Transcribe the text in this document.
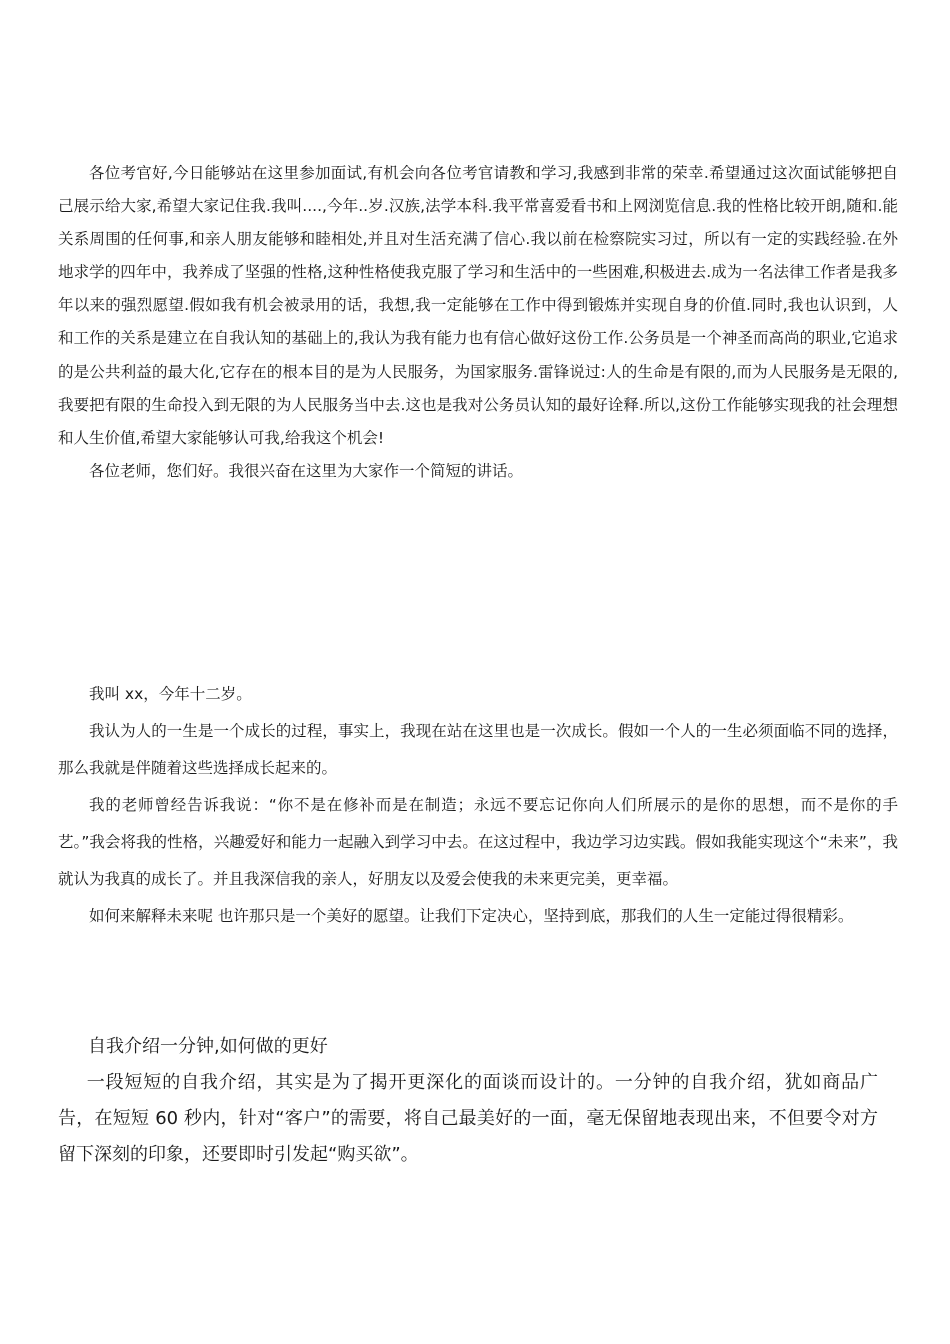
各位考官好,今日能够站在这里参加面试,有机会向各位考官请教和学习,我感到非常的荣幸.希望通过这次面试能够把自己展示给大家,希望大家记住我.我叫....,今年..岁.汉族,法学本科.我平常喜爱看书和上网浏览信息.我的性格比较开朗,随和.能关系周围的任何事,和亲人朋友能够和睦相处,并且对生活充满了信心.我以前在检察院实习过，所以有一定的实践经验.在外地求学的四年中，我养成了坚强的性格,这种性格使我克服了学习和生活中的一些困难,积极进去.成为一名法律工作者是我多年以来的强烈愿望.假如我有机会被录用的话，我想,我一定能够在工作中得到锻炼并实现自身的价值.同时,我也认识到，人和工作的关系是建立在自我认知的基础上的,我认为我有能力也有信心做好这份工作.公务员是一个神圣而高尚的职业,它追求的是公共利益的最大化,它存在的根本目的是为人民服务，为国家服务.雷锋说过:人的生命是有限的,而为人民服务是无限的,我要把有限的生命投入到无限的为人民服务当中去.这也是我对公务员认知的最好诠释.所以,这份工作能够实现我的社会理想和人生价值,希望大家能够认可我,给我这个机会!

各位老师，您们好。我很兴奋在这里为大家作一个简短的讲话。

我叫 xx，今年十二岁。

我认为人的一生是一个成长的过程，事实上，我现在站在这里也是一次成长。假如一个人的一生必须面临不同的选择，那么我就是伴随着这些选择成长起来的。

我的老师曾经告诉我说：“你不是在修补而是在制造；永远不要忘记你向人们所展示的是你的思想，而不是你的手艺。”我会将我的性格，兴趣爱好和能力一起融入到学习中去。在这过程中，我边学习边实践。假如我能实现这个“未来”，我就认为我真的成长了。并且我深信我的亲人，好朋友以及爱会使我的未来更完美，更幸福。

如何来解释未来呢 也许那只是一个美好的愿望。让我们下定决心，坚持到底，那我们的人生一定能过得很精彩。

自我介绍一分钟,如何做的更好

一段短短的自我介绍，其实是为了揭开更深化的面谈而设计的。一分钟的自我介绍，犹如商品广告，在短短 60 秒内，针对“客户”的需要，将自己最美好的一面，毫无保留地表现出来，不但要令对方留下深刻的印象，还要即时引发起“购买欲”。
